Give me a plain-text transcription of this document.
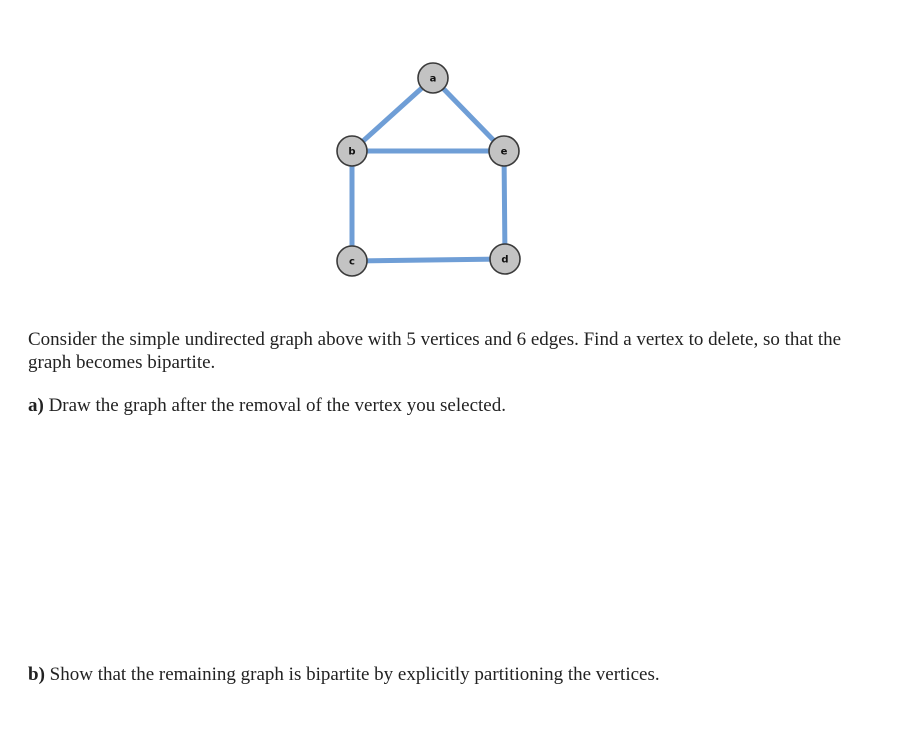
a
b
c	d
e

Consider the simple undirected graph above with 5 vertices and 6 edges. Find a vertex to delete, so that the graph becomes bipartite.

a) Draw the graph after the removal of the vertex you selected.

b) Show that the remaining graph is bipartite by explicitly partitioning the vertices.
